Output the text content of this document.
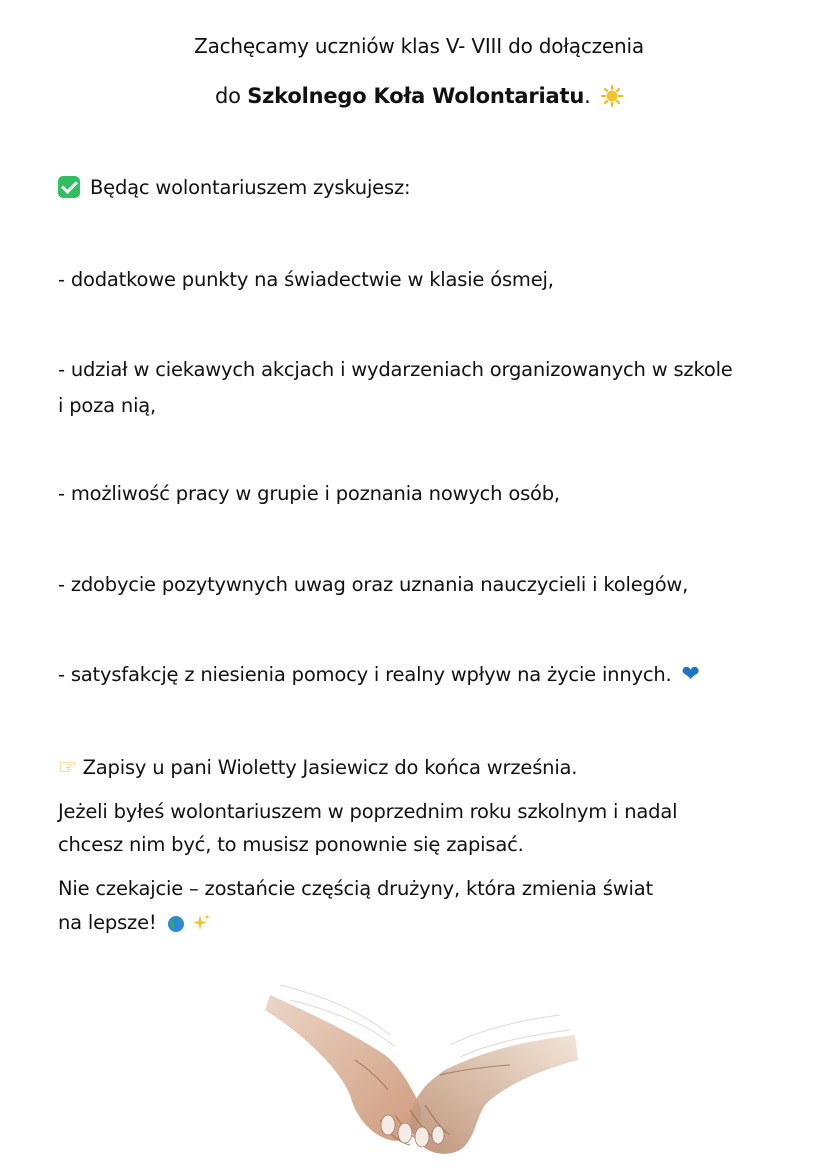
Zachęcamy uczniów klas V- VIII do dołączenia
do Szkolnego Koła Wolontariatu.
Będąc wolontariuszem zyskujesz:
- dodatkowe punkty na świadectwie w klasie ósmej,
- udział w ciekawych akcjach i wydarzeniach organizowanych w szkole
i poza nią,
- możliwość pracy w grupie i poznania nowych osób,
- zdobycie pozytywnych uwag oraz uznania nauczycieli i kolegów,
- satysfakcję z niesienia pomocy i realny wpływ na życie innych. ❤
☞ Zapisy u pani Wioletty Jasiewicz do końca września.
Jeżeli byłeś wolontariuszem w poprzednim roku szkolnym i nadal
chcesz nim być, to musisz ponownie się zapisać.
Nie czekajcie – zostańcie częścią drużyny, która zmienia świat
na lepsze!
